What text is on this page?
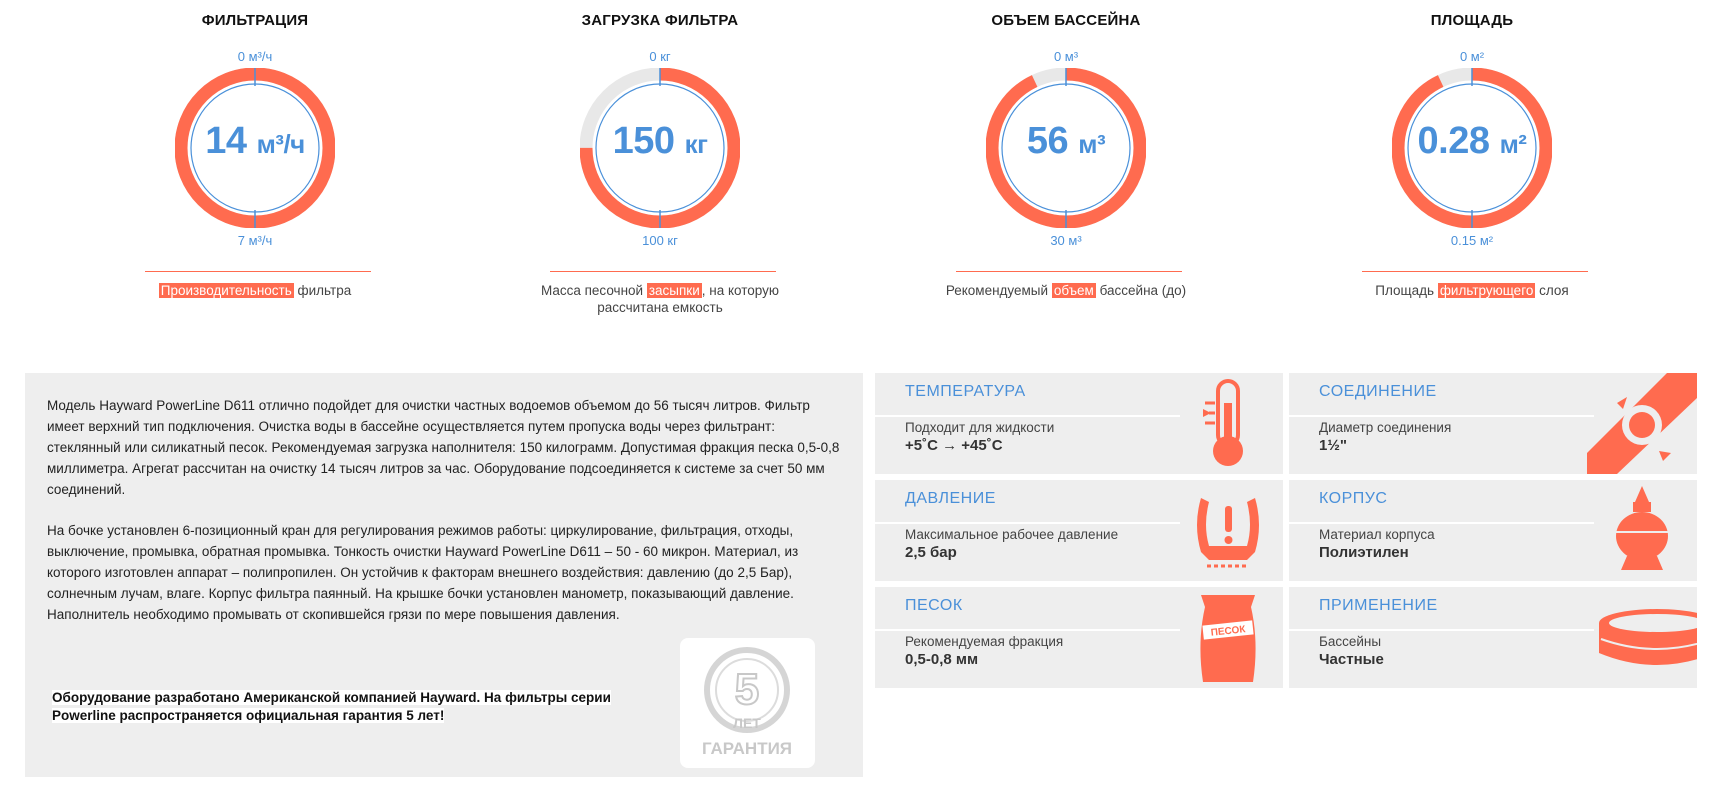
ФИЛЬТРАЦИЯ
0 м³/ч
14 м³/ч
7 м³/ч
Производительность фильтра
ЗАГРУЗКА ФИЛЬТРА
0 кг
150 кг
100 кг
Масса песочной засыпки , на которую рассчитана емкость
ОБЪЕМ БАССЕЙНА
0 м³
56 м³
30 м³
Рекомендуемый объем бассейна (до)
ПЛОЩАДЬ
0 м²
0.28 м²
0.15 м²
Площадь фильтрующего слоя

Модель Hayward PowerLine D611 отлично подойдет для очистки частных водоемов объемом до 56 тысяч литров. Фильтр имеет верхний тип подключения. Очистка воды в бассейне осуществляется путем пропуска воды через фильтрант: стеклянный или силикатный песок. Рекомендуемая загрузка наполнителя: 150 килограмм. Допустимая фракция песка 0,5-0,8 миллиметра. Агрегат рассчитан на очистку 14 тысяч литров за час. Оборудование подсоединяется к системе за счет 50 мм соединений.

На бочке установлен 6-позиционный кран для регулирования режимов работы: циркулирование, фильтрация, отходы, выключение, промывка, обратная промывка. Тонкость очистки Hayward PowerLine D611 – 50 - 60 микрон. Материал, из которого изготовлен аппарат – полипропилен. Он устойчив к факторам внешнего воздействия: давлению (до 2,5 Бар), солнечным лучам, влаге. Корпус фильтра паянный. На крышке бочки установлен манометр, показывающий давление. Наполнитель необходимо промывать от скопившейся грязи по мере повышения давления.

Оборудование разработано Американской компанией Hayward. На фильтры серии Powerline распространяется официальная гарантия 5 лет!
5
ЛЕТ
ГАРАНТИЯ
ТЕМПЕРАТУРА
Подходит для жидкости
+5˚C → +45˚C
СОЕДИНЕНИЕ
Диаметр соединения
1½"
ДАВЛЕНИЕ
Максимальное рабочее давление
2,5 бар
КОРПУС
Материал корпуса
Полиэтилен
ПЕСОК
Рекомендуемая фракция
0,5-0,8 мм
ПЕСОК
ПРИМЕНЕНИЕ
Бассейны
Частные
